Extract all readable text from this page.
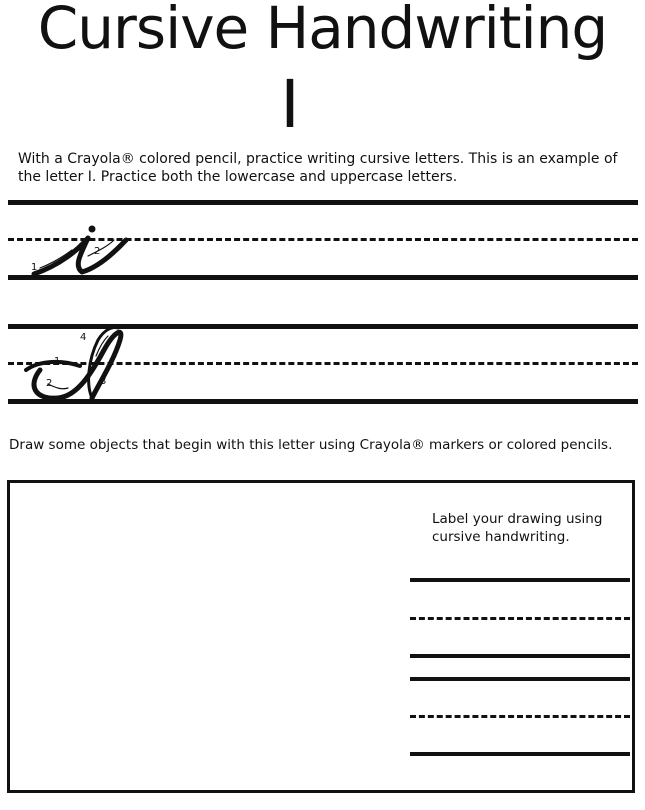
Cursive Handwriting
I
With a Crayola® colored pencil, practice writing cursive letters. This is an example of the letter I. Practice both the lowercase and uppercase letters.
1
2
1
2	3
4
Draw some objects that begin with this letter using Crayola® markers or colored pencils.
Label your drawing using cursive handwriting.
